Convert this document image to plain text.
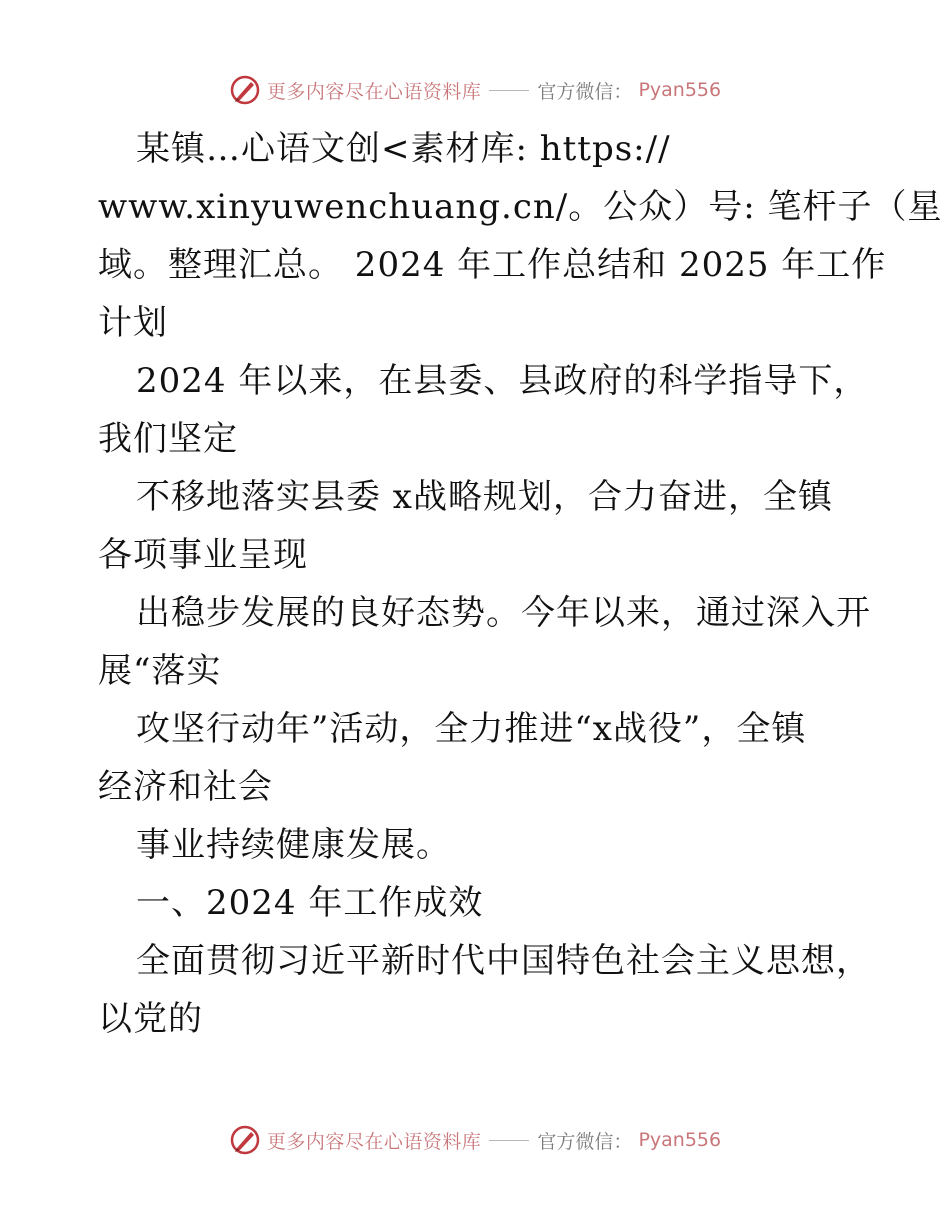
更多内容尽在心语资料库	官方微信： Pyan556
某镇…心语文创<素材库: https://
www.xinyuwenchuang.cn/。公众）号: 笔杆子（星
域。整理汇总。 2024 年工作总结和 2025 年工作
计划
2024 年以来，在县委、县政府的科学指导下，
我们坚定
不移地落实县委 x战略规划，合力奋进，全镇
各项事业呈现
出稳步发展的良好态势。今年以来，通过深入开
展“落实
攻坚行动年”活动，全力推进“x战役”，全镇
经济和社会
事业持续健康发展。
一、2024 年工作成效
全面贯彻习近平新时代中国特色社会主义思想，
以党的
更多内容尽在心语资料库	官方微信： Pyan556
